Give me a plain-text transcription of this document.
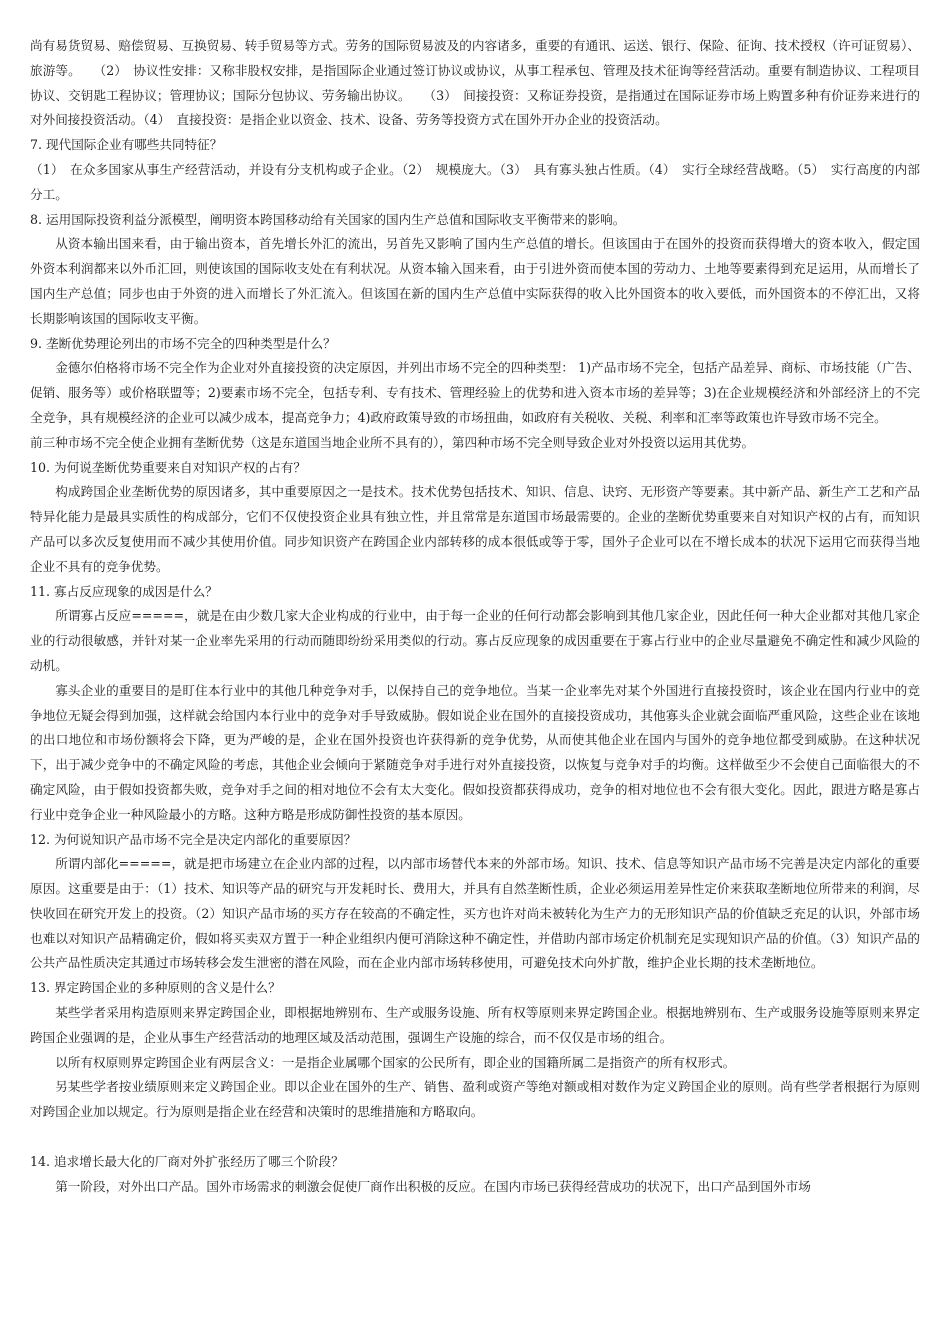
尚有易货贸易、赔偿贸易、互换贸易、转手贸易等方式。劳务的国际贸易波及的内容诸多，重要的有通讯、运送、银行、保险、征询、技术授权（许可证贸易）、旅游等。　　（2）　协议性安排：又称非股权安排，是指国际企业通过签订协议或协议，从事工程承包、管理及技术征询等经营活动。重要有制造协议、工程项目协议、交钥匙工程协议；管理协议；国际分包协议、劳务输出协议。　　（3）　间接投资：又称证券投资，是指通过在国际证券市场上购置多种有价证券来进行的对外间接投资活动。（4）　直接投资：是指企业以资金、技术、设备、劳务等投资方式在国外开办企业的投资活动。

7. 现代国际企业有哪些共同特征？

（1）　在众多国家从事生产经营活动，并设有分支机构或子企业。（2）　规模庞大。（3）　具有寡头独占性质。（4）　实行全球经营战略。（5）　实行高度的内部分工。

8. 运用国际投资利益分派模型，阐明资本跨国移动给有关国家的国内生产总值和国际收支平衡带来的影响。

从资本输出国来看，由于输出资本，首先增长外汇的流出，另首先又影响了国内生产总值的增长。但该国由于在国外的投资而获得增大的资本收入，假定国外资本利润都来以外币汇回，则使该国的国际收支处在有利状况。从资本输入国来看，由于引进外资而使本国的劳动力、土地等要素得到充足运用，从而增长了国内生产总值；同步也由于外资的进入而增长了外汇流入。但该国在新的国内生产总值中实际获得的收入比外国资本的收入要低，而外国资本的不停汇出，又将长期影响该国的国际收支平衡。

9. 垄断优势理论列出的市场不完全的四种类型是什么？

金德尔伯格将市场不完全作为企业对外直接投资的决定原因，并列出市场不完全的四种类型： 1)产品市场不完全，包括产品差异、商标、市场技能（广告、促销、服务等）或价格联盟等；2)要素市场不完全，包括专利、专有技术、管理经验上的优势和进入资本市场的差异等；3)在企业规模经济和外部经济上的不完全竞争，具有规模经济的企业可以减少成本，提高竞争力；4)政府政策导致的市场扭曲，如政府有关税收、关税、利率和汇率等政策也许导致市场不完全。

前三种市场不完全使企业拥有垄断优势（这是东道国当地企业所不具有的），第四种市场不完全则导致企业对外投资以运用其优势。

10. 为何说垄断优势重要来自对知识产权的占有？

构成跨国企业垄断优势的原因诸多，其中重要原因之一是技术。技术优势包括技术、知识、信息、诀窍、无形资产等要素。其中新产品、新生产工艺和产品特异化能力是最具实质性的构成部分，它们不仅使投资企业具有独立性，并且常常是东道国市场最需要的。企业的垄断优势重要来自对知识产权的占有，而知识产品可以多次反复使用而不减少其使用价值。同步知识资产在跨国企业内部转移的成本很低或等于零，国外子企业可以在不增长成本的状况下运用它而获得当地企业不具有的竞争优势。

11. 寡占反应现象的成因是什么？

所谓寡占反应=====，就是在由少数几家大企业构成的行业中，由于每一企业的任何行动都会影响到其他几家企业，因此任何一种大企业都对其他几家企业的行动很敏感，并针对某一企业率先采用的行动而随即纷纷采用类似的行动。寡占反应现象的成因重要在于寡占行业中的企业尽量避免不确定性和减少风险的动机。

寡头企业的重要目的是盯住本行业中的其他几种竞争对手，以保持自己的竞争地位。当某一企业率先对某个外国进行直接投资时，该企业在国内行业中的竞争地位无疑会得到加强，这样就会给国内本行业中的竞争对手导致威胁。假如说企业在国外的直接投资成功，其他寡头企业就会面临严重风险，这些企业在该地的出口地位和市场份额将会下降，更为严峻的是，企业在国外投资也许获得新的竞争优势，从而使其他企业在国内与国外的竞争地位都受到威胁。在这种状况下，出于减少竞争中的不确定风险的考虑，其他企业会倾向于紧随竞争对手进行对外直接投资，以恢复与竞争对手的均衡。这样做至少不会使自己面临很大的不确定风险，由于假如投资都失败，竞争对手之间的相对地位不会有太大变化。假如投资都获得成功，竞争的相对地位也不会有很大变化。因此，跟进方略是寡占行业中竞争企业一种风险最小的方略。这种方略是形成防御性投资的基本原因。

12. 为何说知识产品市场不完全是决定内部化的重要原因？

所谓内部化=====，就是把市场建立在企业内部的过程，以内部市场替代本来的外部市场。知识、技术、信息等知识产品市场不完善是决定内部化的重要原因。这重要是由于：（1）技术、知识等产品的研究与开发耗时长、费用大，并具有自然垄断性质，企业必须运用差异性定价来获取垄断地位所带来的利润，尽快收回在研究开发上的投资。（2）知识产品市场的买方存在较高的不确定性，买方也许对尚未被转化为生产力的无形知识产品的价值缺乏充足的认识，外部市场也难以对知识产品精确定价，假如将买卖双方置于一种企业组织内便可消除这种不确定性，并借助内部市场定价机制充足实现知识产品的价值。（3）知识产品的公共产品性质决定其通过市场转移会发生泄密的潜在风险，而在企业内部市场转移使用，可避免技术向外扩散，维护企业长期的技术垄断地位。

13. 界定跨国企业的多种原则的含义是什么？

某些学者采用构造原则来界定跨国企业，即根据地辨别布、生产或服务设施、所有权等原则来界定跨国企业。根据地辨别布、生产或服务设施等原则来界定跨国企业强调的是，企业从事生产经营活动的地理区域及活动范围，强调生产设施的综合，而不仅仅是市场的组合。

以所有权原则界定跨国企业有两层含义：一是指企业属哪个国家的公民所有，即企业的国籍所属二是指资产的所有权形式。

另某些学者按业绩原则来定义跨国企业。即以企业在国外的生产、销售、盈利或资产等绝对额或相对数作为定义跨国企业的原则。尚有些学者根据行为原则对跨国企业加以规定。行为原则是指企业在经营和决策时的思维措施和方略取向。

14. 追求增长最大化的厂商对外扩张经历了哪三个阶段？

第一阶段，对外出口产品。国外市场需求的刺激会促使厂商作出积极的反应。在国内市场已获得经营成功的状况下，出口产品到国外市场
